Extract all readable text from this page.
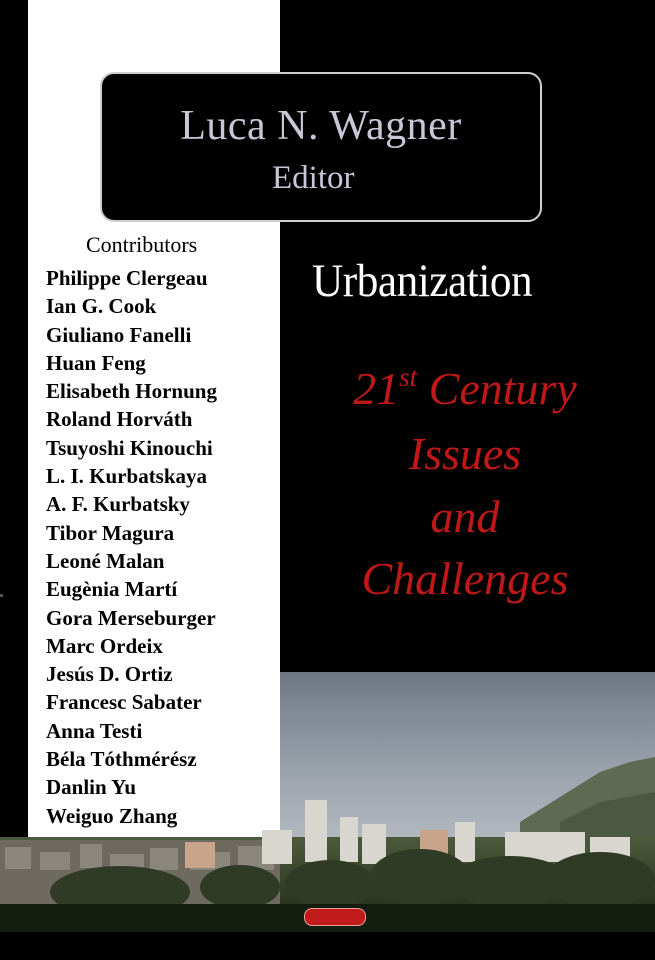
Luca N. Wagner
Editor
Contributors
Philippe Clergeau
Ian G. Cook
Giuliano Fanelli
Huan Feng
Elisabeth Hornung
Roland Horváth
Tsuyoshi Kinouchi
L. I. Kurbatskaya
A. F. Kurbatsky
Tibor Magura
Leoné Malan
Eugènia Martí
Gora Merseburger
Marc Ordeix
Jesús D. Ortiz
Francesc Sabater
Anna Testi
Béla Tóthmérész
Danlin Yu
Weiguo Zhang
Urbanization
21st Century
Issues
and
Challenges
